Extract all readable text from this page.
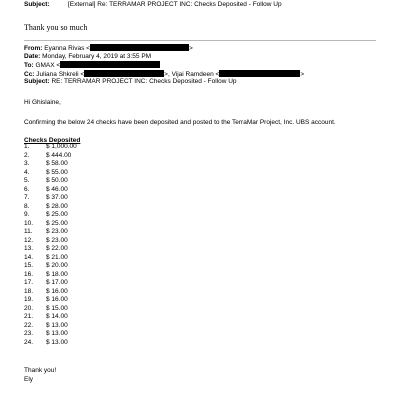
Subject:	[External] Re: TERRAMAR PROJECT INC: Checks Deposited - Follow Up
Thank you so much
From: Eyanna Rivas <	>
Date: Monday, February 4, 2019 at 3:55 PM
To: GMAX <
Cc: Juliana Shkreli <	>, Vijai Ramdeen <	>
Subject: RE: TERRAMAR PROJECT INC: Checks Deposited - Follow Up
Hi Ghislaine,
Confirming the below 24 checks have been deposited and posted to the TerraMar Project, Inc. UBS account.
Checks Deposited
1.	$ 1,000.00
2.	$ 444.00
3.	$ 58.00
4.	$ 55.00
5.	$ 50.00
6.	$ 46.00
7.	$ 37.00
8.	$ 28.00
9.	$ 25.00
10. $ 25.00
11. $ 23.00
12. $ 23.00
13. $ 22.00
14. $ 21.00
15. $ 20.00
16. $ 18.00
17. $ 17.00
18. $ 16.00
19. $ 16.00
20. $ 15.00
21. $ 14.00
22. $ 13.00
23. $ 13.00
24. $ 13.00
Thank you!
Ely
